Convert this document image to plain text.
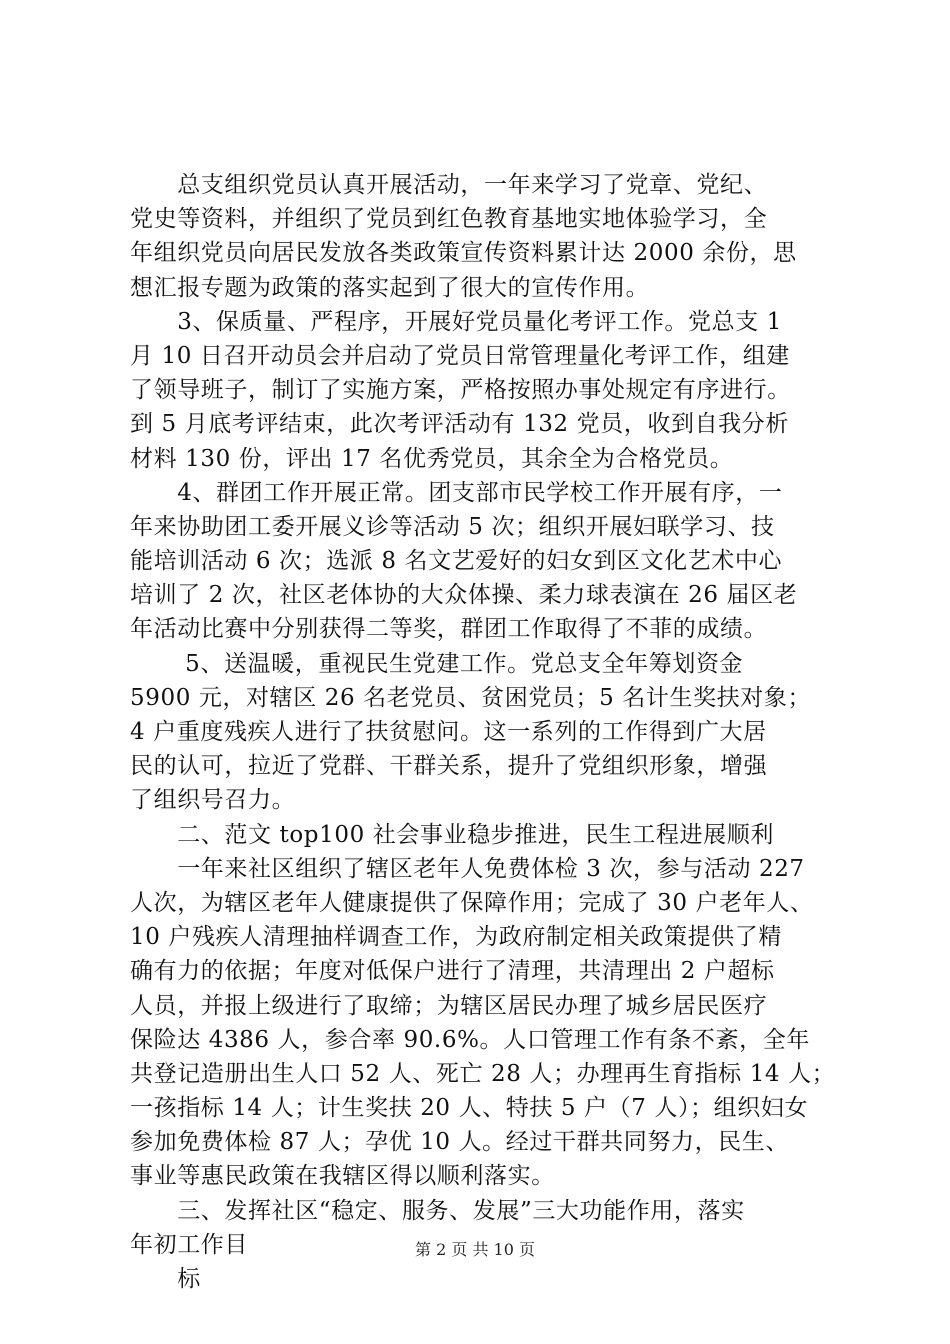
　　总支组织党员认真开展活动，一年来学习了党章、党纪、
党史等资料，并组织了党员到红色教育基地实地体验学习，全
年组织党员向居民发放各类政策宣传资料累计达 2000 余份，思
想汇报专题为政策的落实起到了很大的宣传作用。
　　3、保质量、严程序，开展好党员量化考评工作。党总支 1
月 10 日召开动员会并启动了党员日常管理量化考评工作，组建
了领导班子，制订了实施方案，严格按照办事处规定有序进行。
到 5 月底考评结束，此次考评活动有 132 党员，收到自我分析
材料 130 份，评出 17 名优秀党员，其余全为合格党员。
　　4、群团工作开展正常。团支部市民学校工作开展有序，一
年来协助团工委开展义诊等活动 5 次；组织开展妇联学习、技
能培训活动 6 次；选派 8 名文艺爱好的妇女到区文化艺术中心
培训了 2 次，社区老体协的大众体操、柔力球表演在 26 届区老
年活动比赛中分别获得二等奖，群团工作取得了不菲的成绩。
　　 5、送温暖，重视民生党建工作。党总支全年筹划资金
5900 元，对辖区 26 名老党员、贫困党员；5 名计生奖扶对象；
4 户重度残疾人进行了扶贫慰问。这一系列的工作得到广大居
民的认可，拉近了党群、干群关系，提升了党组织形象，增强
了组织号召力。
　　二、范文 top100 社会事业稳步推进，民生工程进展顺利
　　一年来社区组织了辖区老年人免费体检 3 次，参与活动 227
人次，为辖区老年人健康提供了保障作用；完成了 30 户老年人、
10 户残疾人清理抽样调查工作，为政府制定相关政策提供了精
确有力的依据；年度对低保户进行了清理，共清理出 2 户超标
人员，并报上级进行了取缔；为辖区居民办理了城乡居民医疗
保险达 4386 人，参合率 90.6%。人口管理工作有条不紊，全年
共登记造册出生人口 52 人、死亡 28 人；办理再生育指标 14 人；
一孩指标 14 人；计生奖扶 20 人、特扶 5 户（7 人）；组织妇女
参加免费体检 87 人；孕优 10 人。经过干群共同努力，民生、
事业等惠民政策在我辖区得以顺利落实。
　　三、发挥社区“稳定、服务、发展”三大功能作用，落实
年初工作目
　　标
第 2 页 共 10 页
